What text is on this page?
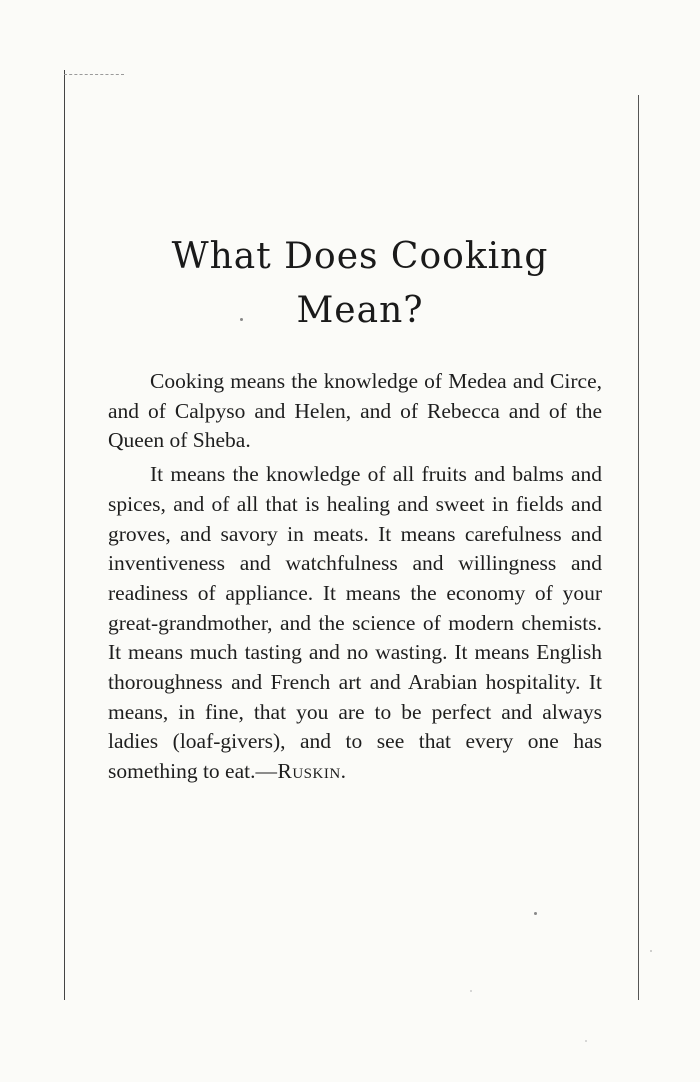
What Does Cooking
Mean?

Cooking means the knowledge of Medea and Circe, and of Calpyso and Helen, and of Rebecca and of the Queen of Sheba.

It means the knowledge of all fruits and balms and spices, and of all that is healing and sweet in fields and groves, and savory in meats. It means carefulness and inventiveness and watchfulness and willingness and readiness of appliance. It means the economy of your great-grandmother, and the science of modern chemists. It means much tasting and no wasting. It means English thoroughness and French art and Arabian hospitality. It means, in fine, that you are to be perfect and always ladies (loaf-givers), and to see that every one has something to eat.—Ruskin.
